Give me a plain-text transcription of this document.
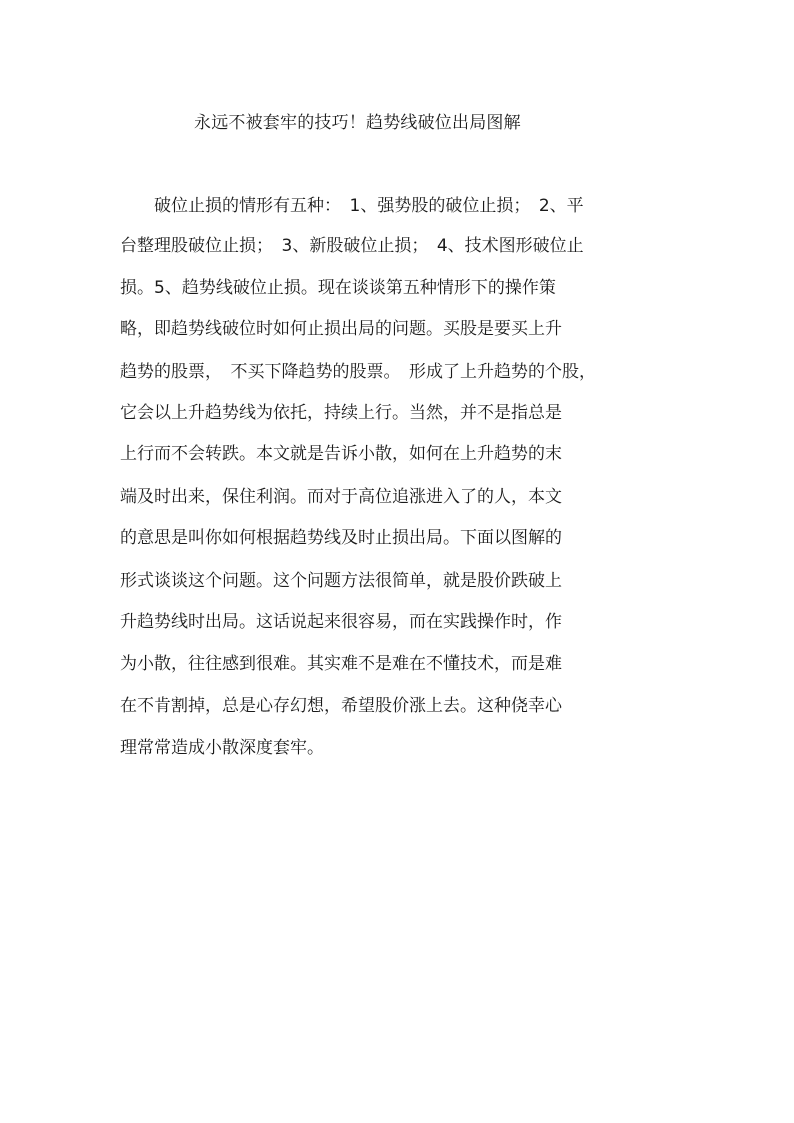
永远不被套牢的技巧！趋势线破位出局图解
　　破位止损的情形有五种：　1、强势股的破位止损；　2、平
台整理股破位止损；　3、新股破位止损；　4、技术图形破位止
损。5、趋势线破位止损。现在谈谈第五种情形下的操作策
略，即趋势线破位时如何止损出局的问题。买股是要买上升
趋势的股票，　不买下降趋势的股票。　形成了上升趋势的个股，
它会以上升趋势线为依托，持续上行。当然，并不是指总是
上行而不会转跌。本文就是告诉小散，如何在上升趋势的末
端及时出来，保住利润。而对于高位追涨进入了的人，本文
的意思是叫你如何根据趋势线及时止损出局。下面以图解的
形式谈谈这个问题。这个问题方法很简单，就是股价跌破上
升趋势线时出局。这话说起来很容易，而在实践操作时，作
为小散，往往感到很难。其实难不是难在不懂技术，而是难
在不肯割掉，总是心存幻想，希望股价涨上去。这种侥幸心
理常常造成小散深度套牢。
